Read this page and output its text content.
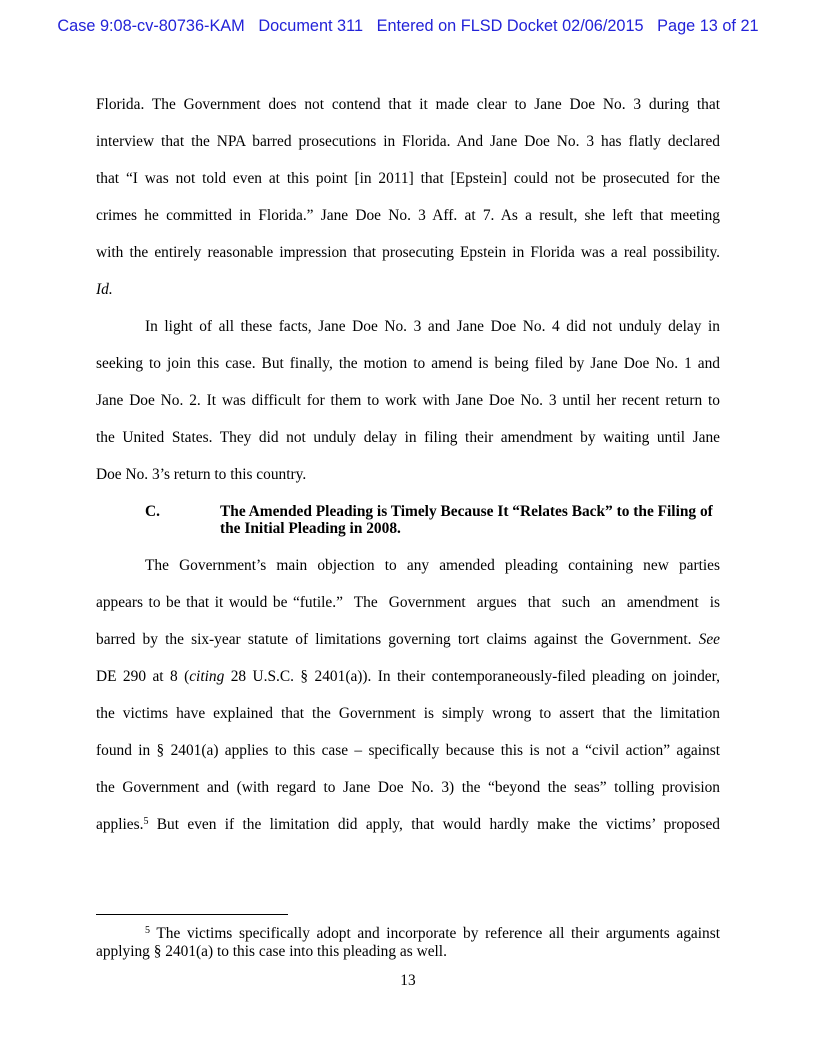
Case 9:08-cv-80736-KAM Document 311 Entered on FLSD Docket 02/06/2015 Page 13 of 21
Florida. The Government does not contend that it made clear to Jane Doe No. 3 during that
interview that the NPA barred prosecutions in Florida. And Jane Doe No. 3 has flatly declared
that “I was not told even at this point [in 2011] that [Epstein] could not be prosecuted for the
crimes he committed in Florida.” Jane Doe No. 3 Aff. at 7. As a result, she left that meeting
with the entirely reasonable impression that prosecuting Epstein in Florida was a real possibility.
Id.
In light of all these facts, Jane Doe No. 3 and Jane Doe No. 4 did not unduly delay in
seeking to join this case. But finally, the motion to amend is being filed by Jane Doe No. 1 and
Jane Doe No. 2. It was difficult for them to work with Jane Doe No. 3 until her recent return to
the United States. They did not unduly delay in filing their amendment by waiting until Jane
Doe No. 3’s return to this country.
C.	The Amended Pleading is Timely Because It “Relates Back” to the Filing of
the Initial Pleading in 2008.
The Government’s main objection to any amended pleading containing new parties
appears to be that it would be “futile.”  The  Government  argues  that  such  an  amendment  is
barred by the six-year statute of limitations governing tort claims against the Government. See
DE 290 at 8 (citing 28 U.S.C. § 2401(a)). In their contemporaneously-filed pleading on joinder,
the victims have explained that the Government is simply wrong to assert that the limitation
found in § 2401(a) applies to this case – specifically because this is not a “civil action” against
the Government and (with regard to Jane Doe No. 3) the “beyond the seas” tolling provision
applies.$^5$ But even if the limitation did apply, that would hardly make the victims’ proposed
$^5$ The victims specifically adopt and incorporate by reference all their arguments against
applying § 2401(a) to this case into this pleading as well.
13
